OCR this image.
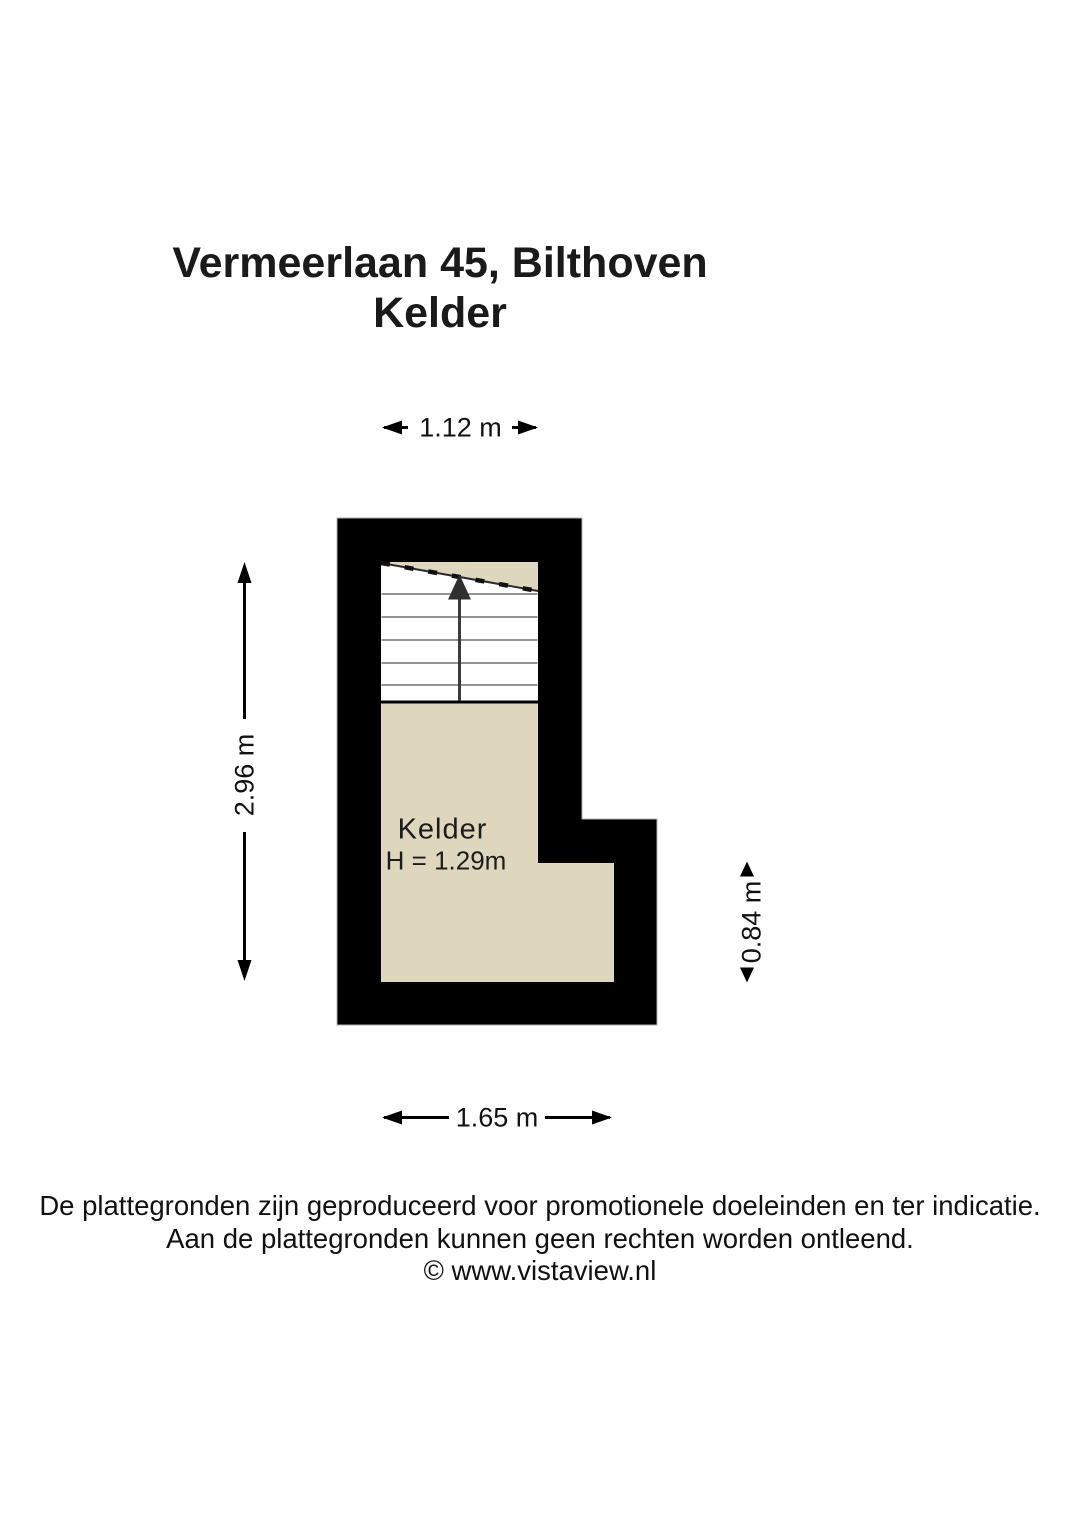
Vermeerlaan 45, Bilthoven
Kelder
1.12 m
2.96 m
0.84 m
1.65 m
Kelder
H = 1.29m
De plattegronden zijn geproduceerd voor promotionele doeleinden en ter indicatie.
Aan de plattegronden kunnen geen rechten worden ontleend.
© www.vistaview.nl
